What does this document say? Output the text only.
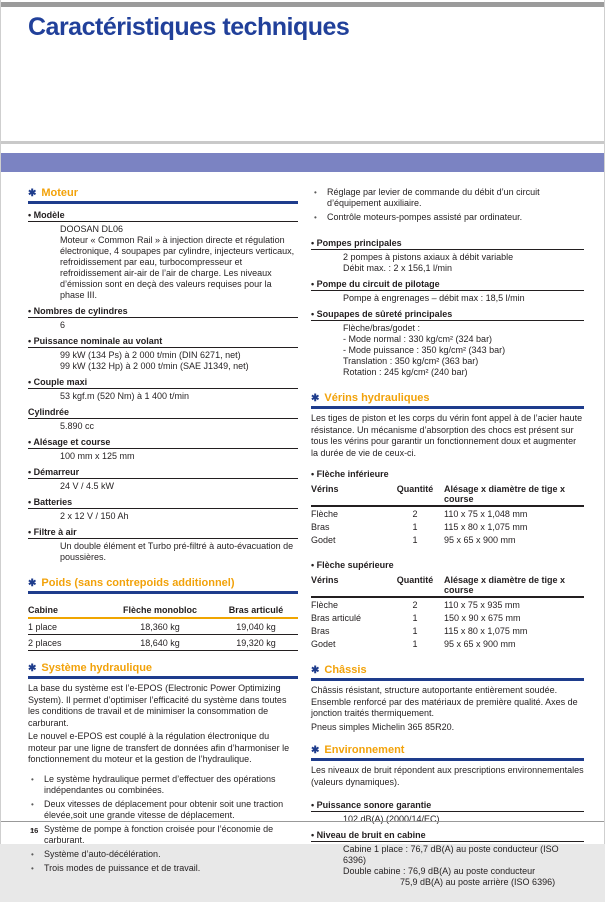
Caractéristiques techniques
✱ Moteur
• Modèle
DOOSAN DL06
Moteur « Common Rail » à injection directe et régulation électronique, 4 soupapes par cylindre, injecteurs verticaux, refroidissement par eau, turbocompresseur et refroidissement air-air de l’air de charge. Les niveaux d’émission sont en deçà des valeurs requises pour la phase III.
• Nombres de cylindres
6
• Puissance nominale au volant
99 kW (134 Ps) à 2 000 t/min (DIN 6271, net)
99 kW (132 Hp) à 2 000 t/min (SAE J1349, net)
• Couple maxi
53 kgf.m (520 Nm) à 1 400 t/min
Cylindrée
5.890 cc
• Alésage et course
100 mm x 125 mm
• Démarreur
24 V / 4.5 kW
• Batteries
2 x 12 V / 150 Ah
• Filtre à air
Un double élément et Turbo pré-filtré à auto-évacuation de poussières.
✱ Poids (sans contrepoids additionnel)
Cabine	Flèche monobloc	Bras articulé
1 place	18,360 kg	19,040 kg
2 places	18,640 kg	19,320 kg
✱ Système hydraulique
La base du système est l’e-EPOS (Electronic Power Optimizing System). Il permet d’optimiser l’efficacité du système dans toutes les conditions de travail et de minimiser la consommation de carburant.
Le nouvel e-EPOS est couplé à la régulation électronique du moteur par une ligne de transfert de données afin d’harmoniser le fonctionnement du moteur et la gestion de l’hydraulique.
• Le système hydraulique permet d’effectuer des opérations indépendantes ou combinées.
• Deux vitesses de déplacement pour obtenir soit une traction élevée,soit une grande vitesse de déplacement.
• Système de pompe à fonction croisée pour l’économie de carburant.
• Système d’auto-décélération.
• Trois modes de puissance et de travail.
• Réglage par levier de commande du débit d’un circuit d’équipement auxiliaire.
• Contrôle moteurs-pompes assisté par ordinateur.
• Pompes principales
2 pompes à pistons axiaux à débit variable
Débit max. : 2 x 156,1 l/min
• Pompe du circuit de pilotage
Pompe à engrenages – débit max : 18,5 l/min
• Soupapes de sûreté principales
Flèche/bras/godet :
- Mode normal : 330 kg/cm² (324 bar)
- Mode puissance : 350 kg/cm² (343 bar)
Translation : 350 kg/cm² (363 bar)
Rotation : 245 kg/cm² (240 bar)
✱ Vérins hydrauliques
Les tiges de piston et les corps du vérin font appel à de l’acier haute résistance. Un mécanisme d’absorption des chocs est présent sur tous les vérins pour garantir un fonctionnement doux et augmenter la durée de vie de ceux-ci.
• Flèche inférieure
Vérins	Quantité	Alésage x diamètre de tige x course
Flèche	2	110 x 75 x 1,048 mm
Bras	1	115 x 80 x 1,075 mm
Godet	1	95 x 65 x 900 mm
• Flèche supérieure
Vérins	Quantité	Alésage x diamètre de tige x course
Flèche	2	110 x 75 x 935 mm
Bras articulé	1	150 x 90 x 675 mm
Bras	1	115 x 80 x 1,075 mm
Godet	1	95 x 65 x 900 mm
✱ Châssis
Châssis résistant, structure autoportante entièrement soudée. Ensemble renforcé par des matériaux de première qualité. Axes de jonction traités thermiquement.
Pneus simples Michelin 365 85R20.
✱ Environnement
Les niveaux de bruit répondent aux prescriptions environnementales (valeurs dynamiques).
• Puissance sonore garantie
102 dB(A) (2000/14/EC)
• Niveau de bruit en cabine
Cabine 1 place : 76,7 dB(A) au poste conducteur (ISO 6396)
Double cabine : 76,9 dB(A) au poste conducteur
75,9 dB(A) au poste arrière (ISO 6396)
16
